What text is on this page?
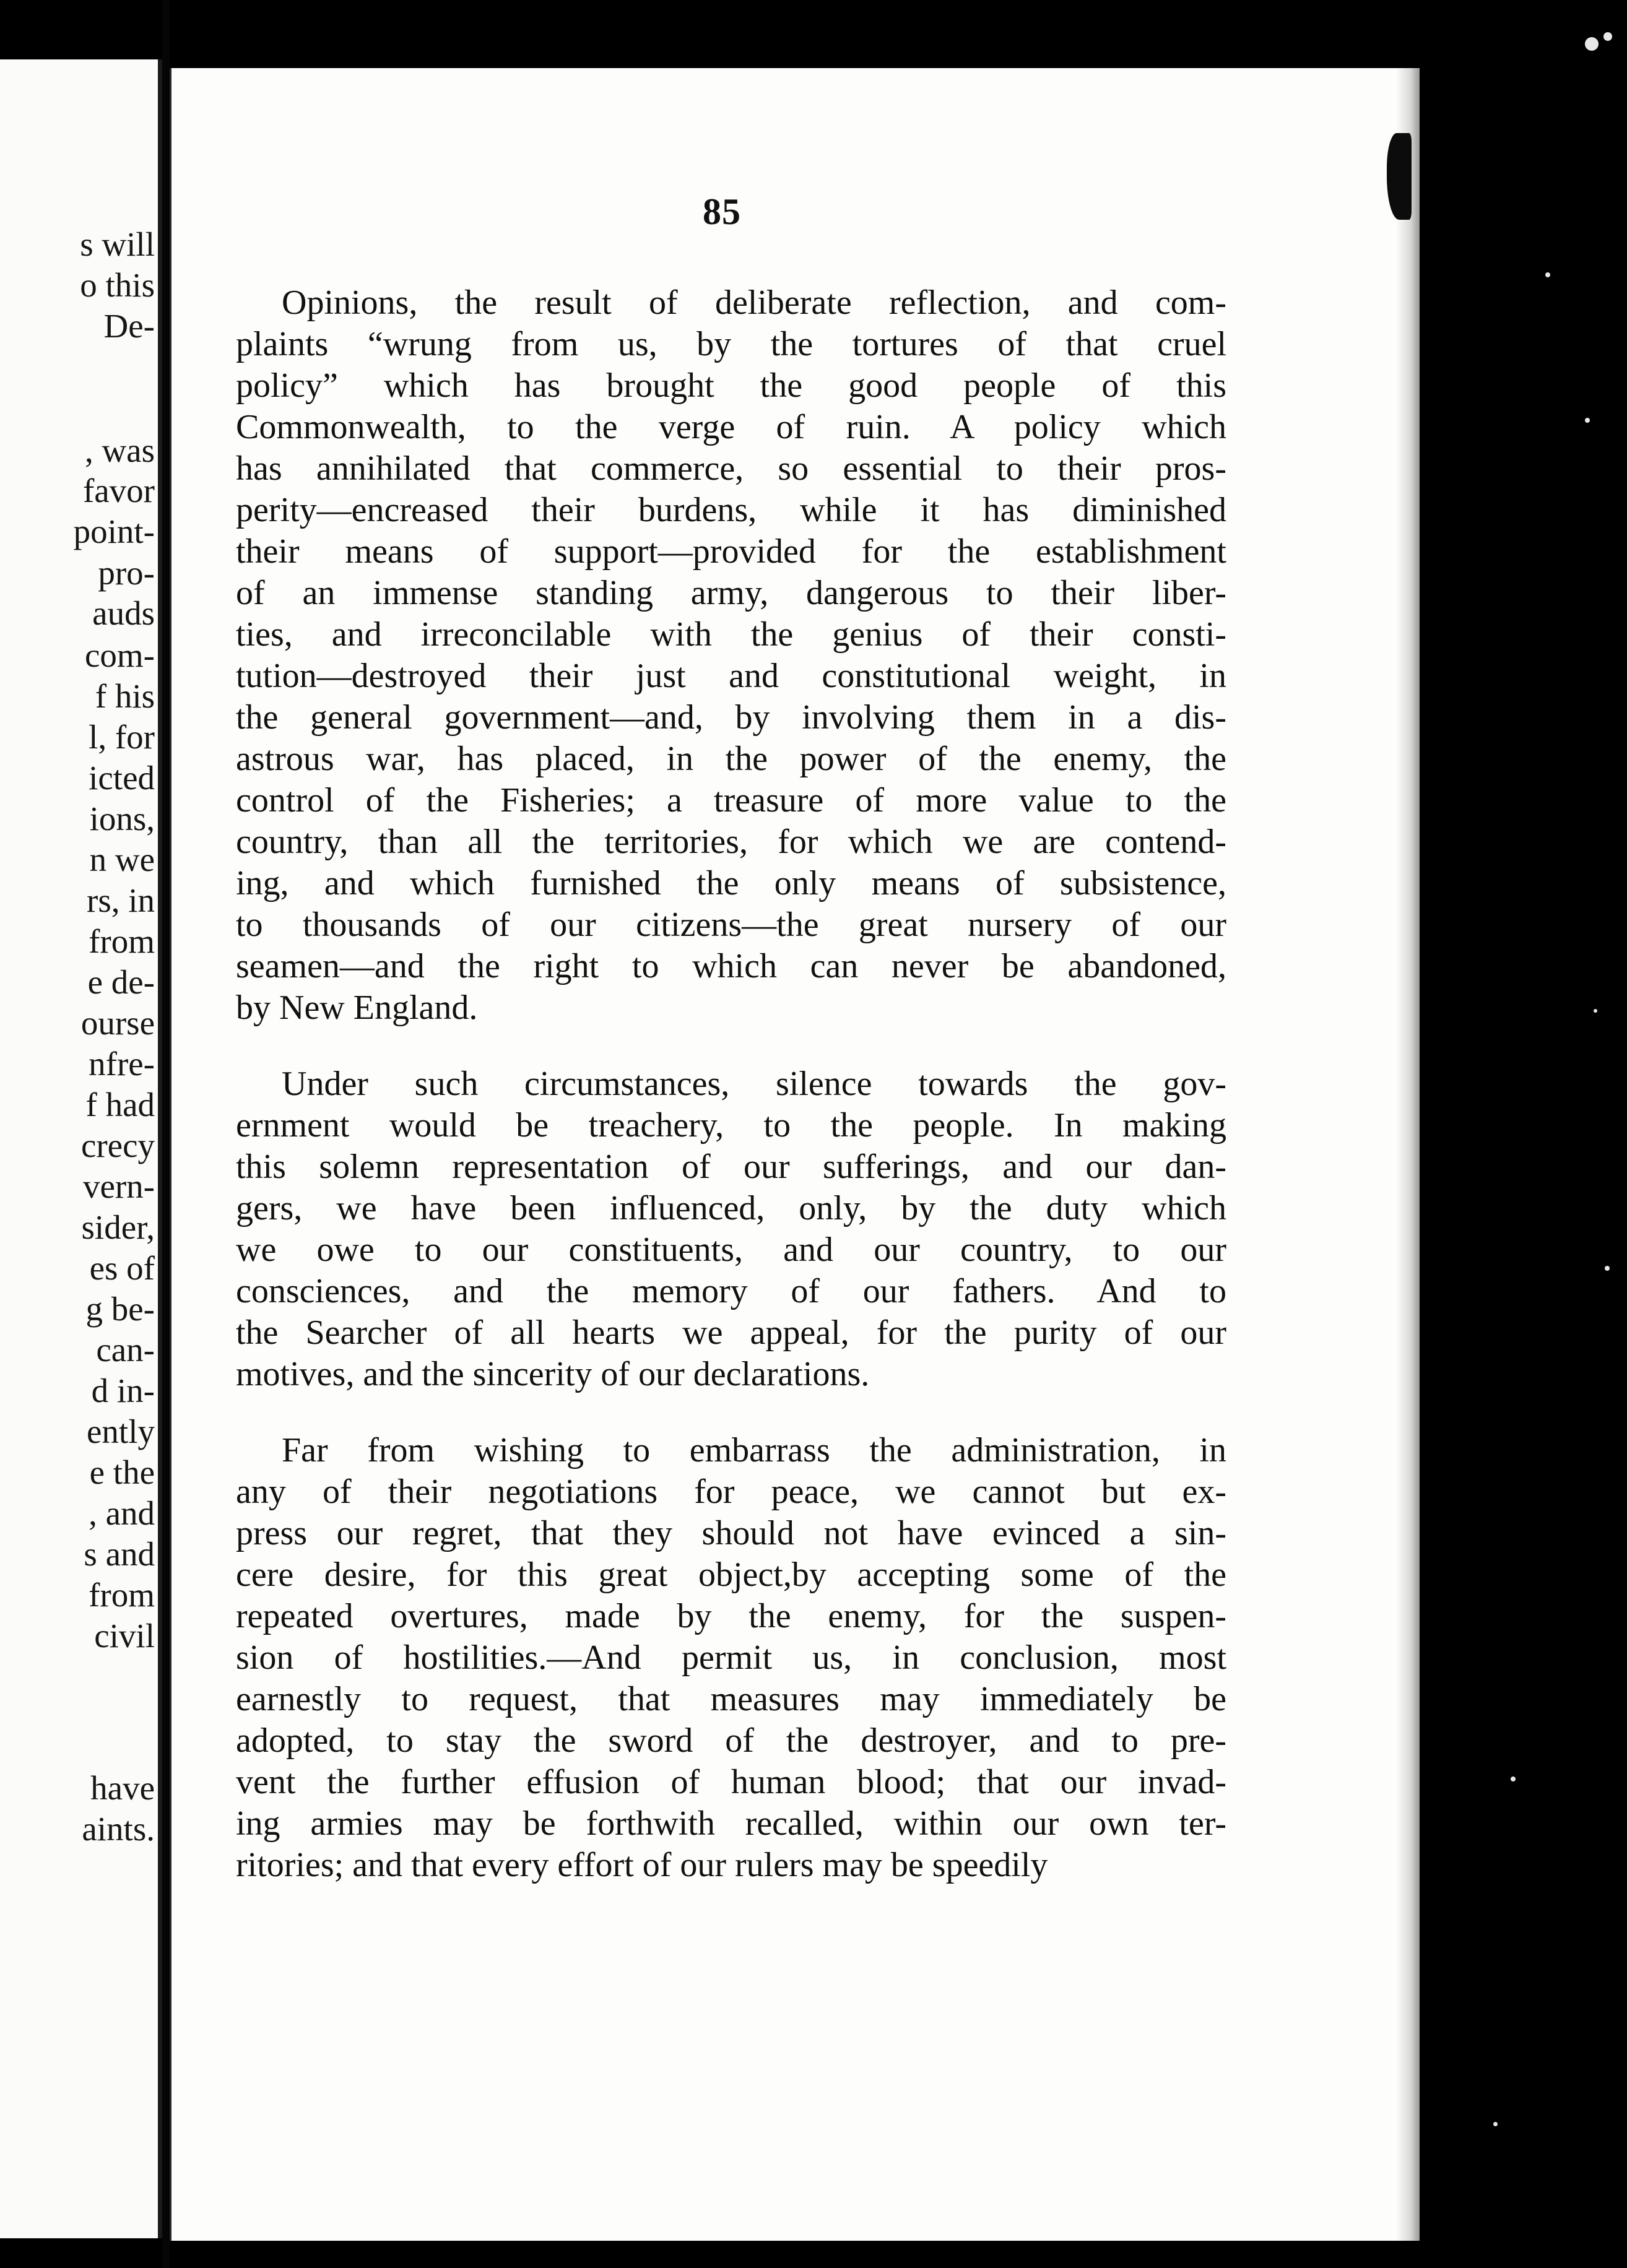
s will
o this
De-
, was
favor
point-
pro-
auds
com-
f his
l, for
icted
ions,
n we
rs, in
from
e de-
ourse
nfre-
f had
crecy
vern-
sider,
es of
g be-
can-
d in-
ently
e the
, and
s and
from
civil
have
aints.
85
Opinions, the result of deliberate reflection, and com-
plaints “wrung from us, by the tortures of that cruel
policy” which has brought the good people of this
Commonwealth, to the verge of ruin. A policy which
has annihilated that commerce, so essential to their pros-
perity—encreased their burdens, while it has diminished
their means of support—provided for the establishment
of an immense standing army, dangerous to their liber-
ties, and irreconcilable with the genius of their consti-
tution—destroyed their just and constitutional weight, in
the general government—and, by involving them in a dis-
astrous war, has placed, in the power of the enemy, the
control of the Fisheries; a treasure of more value to the
country, than all the territories, for which we are contend-
ing, and which furnished the only means of subsistence,
to thousands of our citizens—the great nursery of our
seamen—and the right to which can never be abandoned,
by New England.
Under such circumstances, silence towards the gov-
ernment would be treachery, to the people. In making
this solemn representation of our sufferings, and our dan-
gers, we have been influenced, only, by the duty which
we owe to our constituents, and our country, to our
consciences, and the memory of our fathers. And to
the Searcher of all hearts we appeal, for the purity of our
motives, and the sincerity of our declarations.
Far from wishing to embarrass the administration, in
any of their negotiations for peace, we cannot but ex-
press our regret, that they should not have evinced a sin-
cere desire, for this great object,by accepting some of the
repeated overtures, made by the enemy, for the suspen-
sion of hostilities.—And permit us, in conclusion, most
earnestly to request, that measures may immediately be
adopted, to stay the sword of the destroyer, and to pre-
vent the further effusion of human blood; that our invad-
ing armies may be forthwith recalled, within our own ter-
ritories; and that every effort of our rulers may be speedily
